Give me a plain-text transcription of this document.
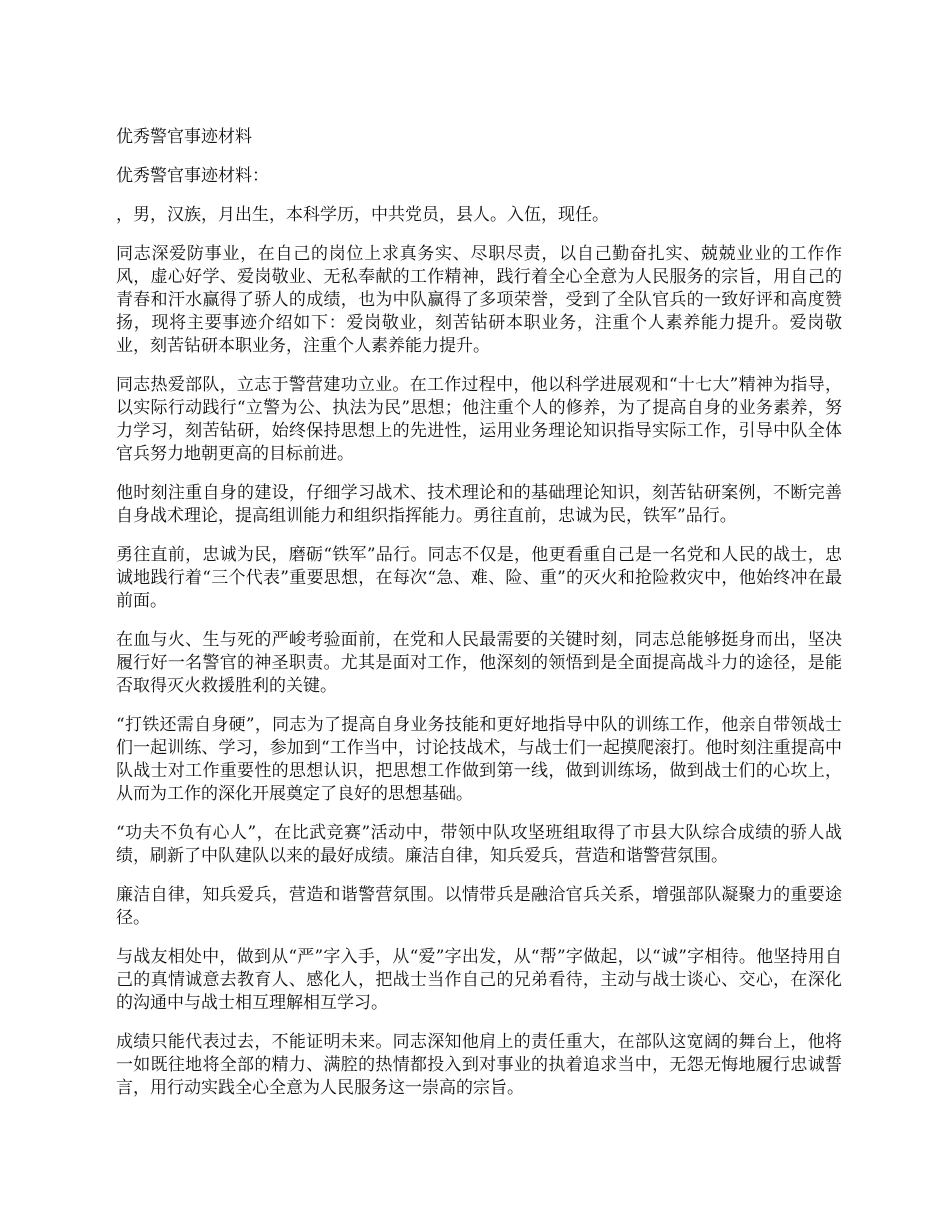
优秀警官事迹材料

优秀警官事迹材料：

，男，汉族，月出生，本科学历，中共党员，县人。入伍，现任。

同志深爱防事业，在自己的岗位上求真务实、尽职尽责，以自己勤奋扎实、兢兢业业的工作作风，虚心好学、爱岗敬业、无私奉献的工作精神，践行着全心全意为人民服务的宗旨，用自己的青春和汗水赢得了骄人的成绩，也为中队赢得了多项荣誉，受到了全队官兵的一致好评和高度赞扬，现将主要事迹介绍如下：爱岗敬业，刻苦钻研本职业务，注重个人素养能力提升。爱岗敬业，刻苦钻研本职业务，注重个人素养能力提升。

同志热爱部队，立志于警营建功立业。在工作过程中，他以科学进展观和“十七大”精神为指导，以实际行动践行“立警为公、执法为民”思想；他注重个人的修养，为了提高自身的业务素养，努力学习，刻苦钻研，始终保持思想上的先进性，运用业务理论知识指导实际工作，引导中队全体官兵努力地朝更高的目标前进。

他时刻注重自身的建设，仔细学习战术、技术理论和的基础理论知识，刻苦钻研案例，不断完善自身战术理论，提高组训能力和组织指挥能力。勇往直前，忠诚为民，铁军”品行。

勇往直前，忠诚为民，磨砺“铁军”品行。同志不仅是，他更看重自己是一名党和人民的战士，忠诚地践行着“三个代表”重要思想，在每次“急、难、险、重”的灭火和抢险救灾中，他始终冲在最前面。

在血与火、生与死的严峻考验面前，在党和人民最需要的关键时刻，同志总能够挺身而出，坚决履行好一名警官的神圣职责。尤其是面对工作，他深刻的领悟到是全面提高战斗力的途径，是能否取得灭火救援胜利的关键。

“打铁还需自身硬”，同志为了提高自身业务技能和更好地指导中队的训练工作，他亲自带领战士们一起训练、学习，参加到“工作当中，讨论技战术，与战士们一起摸爬滚打。他时刻注重提高中队战士对工作重要性的思想认识，把思想工作做到第一线，做到训练场，做到战士们的心坎上，从而为工作的深化开展奠定了良好的思想基础。

“功夫不负有心人”，在比武竞赛”活动中，带领中队攻坚班组取得了市县大队综合成绩的骄人战绩，刷新了中队建队以来的最好成绩。廉洁自律，知兵爱兵，营造和谐警营氛围。

廉洁自律，知兵爱兵，营造和谐警营氛围。以情带兵是融洽官兵关系，增强部队凝聚力的重要途径。

与战友相处中，做到从“严”字入手，从“爱”字出发，从“帮”字做起，以“诚”字相待。他坚持用自己的真情诚意去教育人、感化人，把战士当作自己的兄弟看待，主动与战士谈心、交心，在深化的沟通中与战士相互理解相互学习。

成绩只能代表过去，不能证明未来。同志深知他肩上的责任重大，在部队这宽阔的舞台上，他将一如既往地将全部的精力、满腔的热情都投入到对事业的执着追求当中，无怨无悔地履行忠诚誓言，用行动实践全心全意为人民服务这一崇高的宗旨。
